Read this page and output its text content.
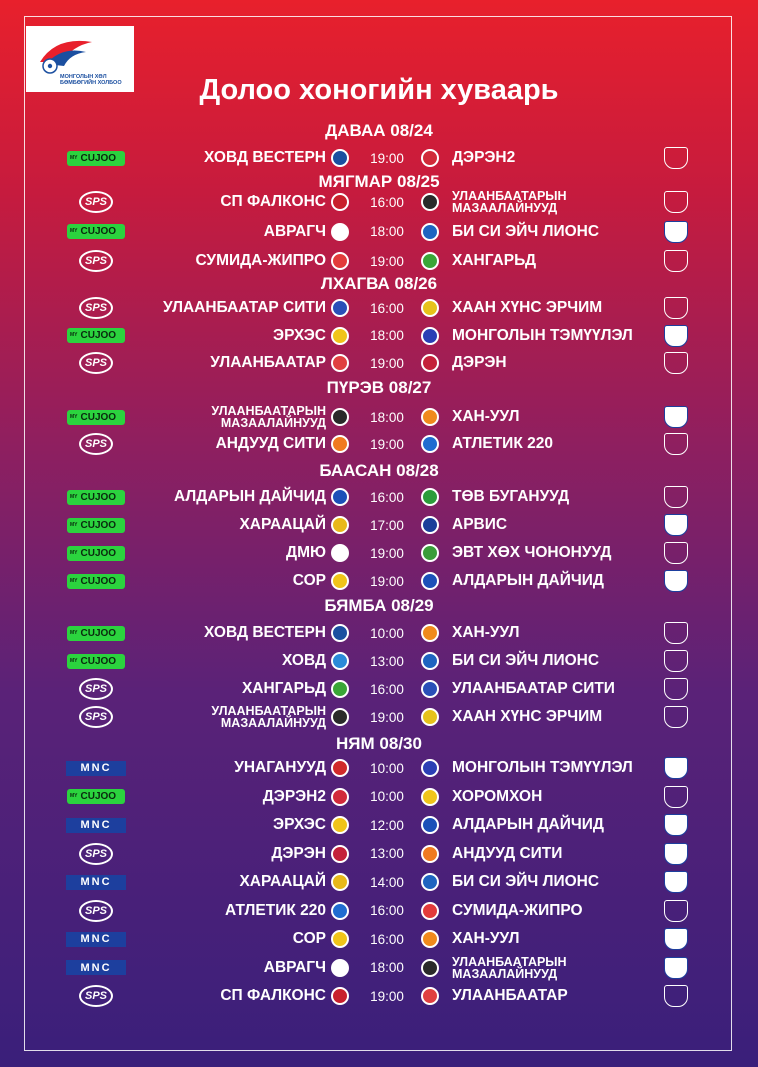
МОНГОЛЫН ХӨЛ БӨМБӨГИЙН ХОЛБОО	Долоо хоногийн хуваарь
ДАВАА 08/24
MY CUJOO	ХОВД ВЕСТЕРН	19:00	ДЭРЭН2
МЯГМАР 08/25
SPS	СП ФАЛКОНС	16:00	УЛААНБААТАРЫН МАЗААЛАЙНУУД
MY CUJOO	АВРАГЧ	18:00	БИ СИ ЭЙЧ ЛИОНС
SPS	СУМИДА-ЖИПРО	19:00	ХАНГАРЬД
ЛХАГВА 08/26
SPS	УЛААНБААТАР СИТИ	16:00	ХААН ХҮНС ЭРЧИМ
MY CUJOO	ЭРХЭС	18:00	МОНГОЛЫН ТЭМҮҮЛЭЛ
SPS	УЛААНБААТАР	19:00	ДЭРЭН
ПҮРЭВ 08/27
MY CUJOO	УЛААНБААТАРЫН МАЗААЛАЙНУУД	18:00	ХАН-УУЛ
SPS	АНДУУД СИТИ	19:00	АТЛЕТИК 220
БААСАН 08/28
MY CUJOO	АЛДАРЫН ДАЙЧИД	16:00	ТӨВ БУГАНУУД
MY CUJOO	ХАРААЦАЙ	17:00	АРВИС
MY CUJOO	ДМЮ	19:00	ЭВТ ХӨХ ЧОНОНУУД
MY CUJOO	СОР	19:00	АЛДАРЫН ДАЙЧИД
БЯМБА 08/29
MY CUJOO	ХОВД ВЕСТЕРН	10:00	ХАН-УУЛ
MY CUJOO	ХОВД	13:00	БИ СИ ЭЙЧ ЛИОНС
SPS	ХАНГАРЬД	16:00	УЛААНБААТАР СИТИ
SPS	УЛААНБААТАРЫН МАЗААЛАЙНУУД	19:00	ХААН ХҮНС ЭРЧИМ
НЯМ 08/30
MNC	УНАГАНУУД	10:00	МОНГОЛЫН ТЭМҮҮЛЭЛ
MY CUJOO	ДЭРЭН2	10:00	ХОРОМХОН
MNC	ЭРХЭС	12:00	АЛДАРЫН ДАЙЧИД
SPS	ДЭРЭН	13:00	АНДУУД СИТИ
MNC	ХАРААЦАЙ	14:00	БИ СИ ЭЙЧ ЛИОНС
SPS	АТЛЕТИК 220	16:00	СУМИДА-ЖИПРО
MNC	СОР	16:00	ХАН-УУЛ
MNC	АВРАГЧ	18:00	УЛААНБААТАРЫН МАЗААЛАЙНУУД
SPS	СП ФАЛКОНС	19:00	УЛААНБААТАР
